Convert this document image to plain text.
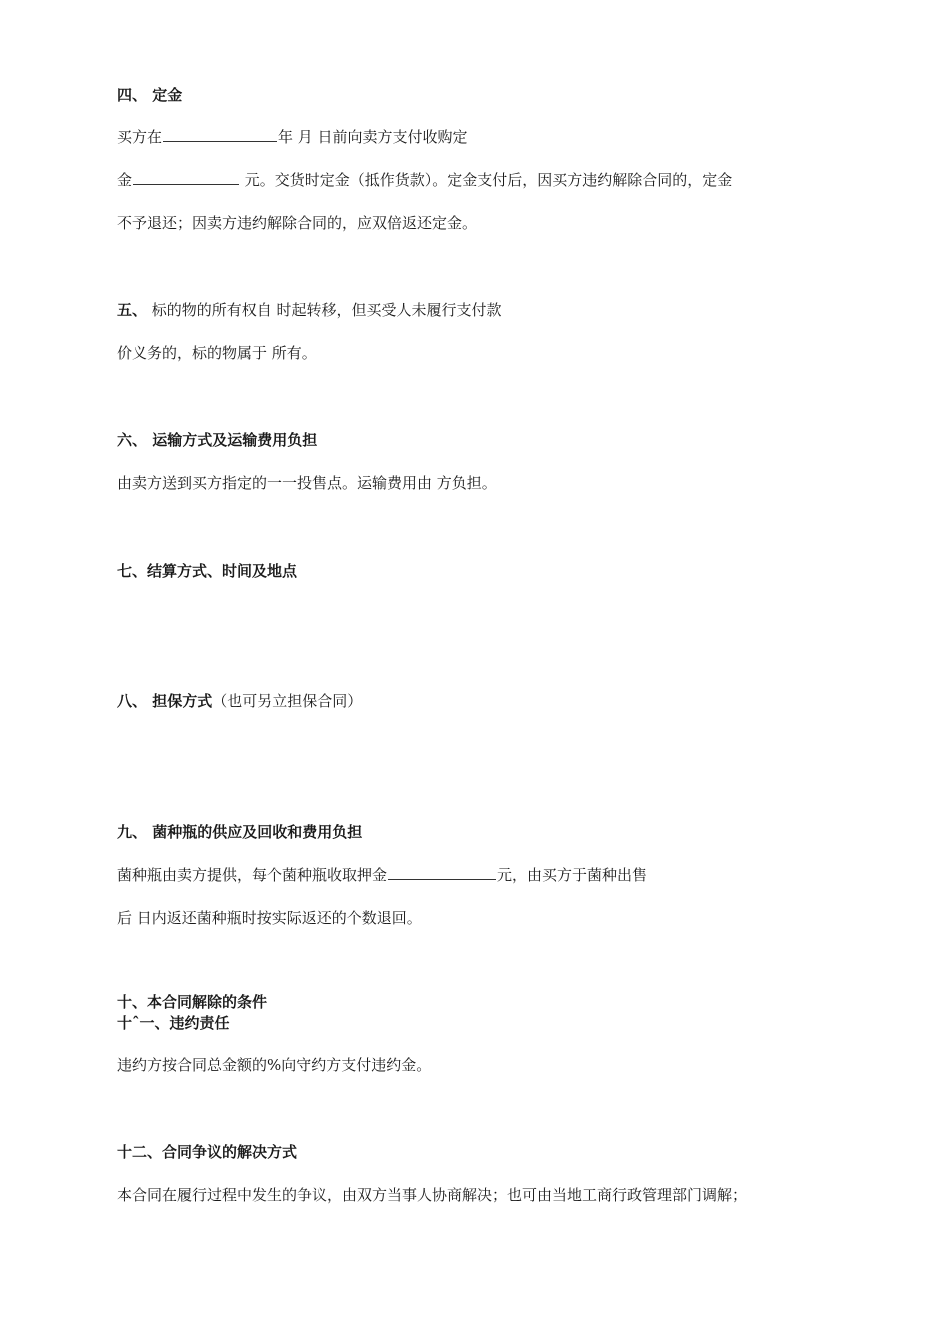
四、 定金
买方在	年 月 日前向卖方支付收购定
金	元。交货时定金（抵作货款）。定金支付后，因买方违约解除合同的，定金
不予退还；因卖方违约解除合同的，应双倍返还定金。
五、 标的物的所有权自 时起转移，但买受人未履行支付款
价义务的，标的物属于 所有。
六、 运输方式及运输费用负担
由卖方送到买方指定的一一投售点。运输费用由 方负担。
七、结算方式、时间及地点
八、 担保方式（也可另立担保合同）
九、 菌种瓶的供应及回收和费用负担
菌种瓶由卖方提供，每个菌种瓶收取押金	元，由买方于菌种出售
后 日内返还菌种瓶时按实际返还的个数退回。
十、本合同解除的条件
十ˆ一、违约责任
违约方按合同总金额的%向守约方支付违约金。
十二、合同争议的解决方式
本合同在履行过程中发生的争议，由双方当事人协商解决；也可由当地工商行政管理部门调解；
